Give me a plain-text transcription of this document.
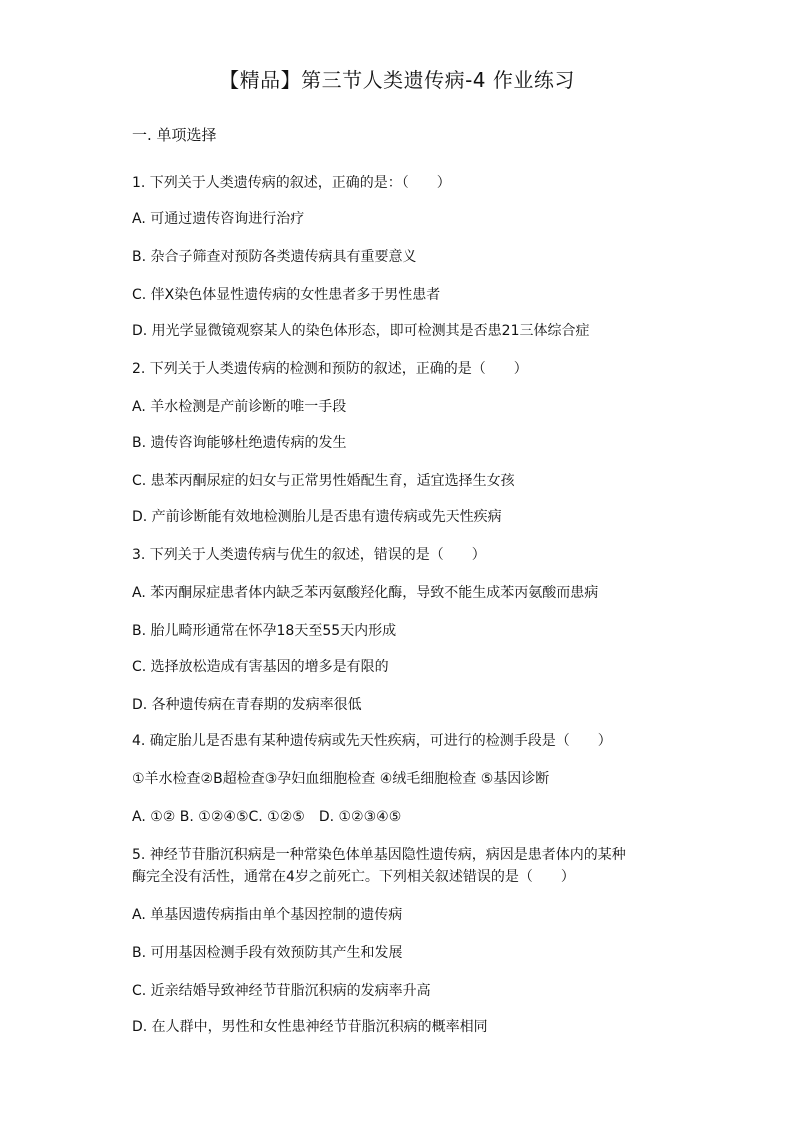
【精品】第三节人类遗传病-4 作业练习
一. 单项选择
1. 下列关于人类遗传病的叙述，正确的是：（　　）
A. 可通过遗传咨询进行治疗
B. 杂合子筛查对预防各类遗传病具有重要意义
C. 伴X染色体显性遗传病的女性患者多于男性患者
D. 用光学显微镜观察某人的染色体形态，即可检测其是否患21三体综合症
2. 下列关于人类遗传病的检测和预防的叙述，正确的是（　　）
A. 羊水检测是产前诊断的唯一手段
B. 遗传咨询能够杜绝遗传病的发生
C. 患苯丙酮尿症的妇女与正常男性婚配生育，适宜选择生女孩
D. 产前诊断能有效地检测胎儿是否患有遗传病或先天性疾病
3. 下列关于人类遗传病与优生的叙述，错误的是（　　）
A. 苯丙酮尿症患者体内缺乏苯丙氨酸羟化酶，导致不能生成苯丙氨酸而患病
B. 胎儿畸形通常在怀孕18天至55天内形成
C. 选择放松造成有害基因的增多是有限的
D. 各种遗传病在青春期的发病率很低
4. 确定胎儿是否患有某种遗传病或先天性疾病，可进行的检测手段是（　　）
①羊水检查②B超检查③孕妇血细胞检查 ④绒毛细胞检查 ⑤基因诊断
A. ①② B. ①②④⑤C. ①②⑤　D. ①②③④⑤
5. 神经节苷脂沉积病是一种常染色体单基因隐性遗传病，病因是患者体内的某种
酶完全没有活性，通常在4岁之前死亡。下列相关叙述错误的是（　　）
A. 单基因遗传病指由单个基因控制的遗传病
B. 可用基因检测手段有效预防其产生和发展
C. 近亲结婚导致神经节苷脂沉积病的发病率升高
D. 在人群中，男性和女性患神经节苷脂沉积病的概率相同
